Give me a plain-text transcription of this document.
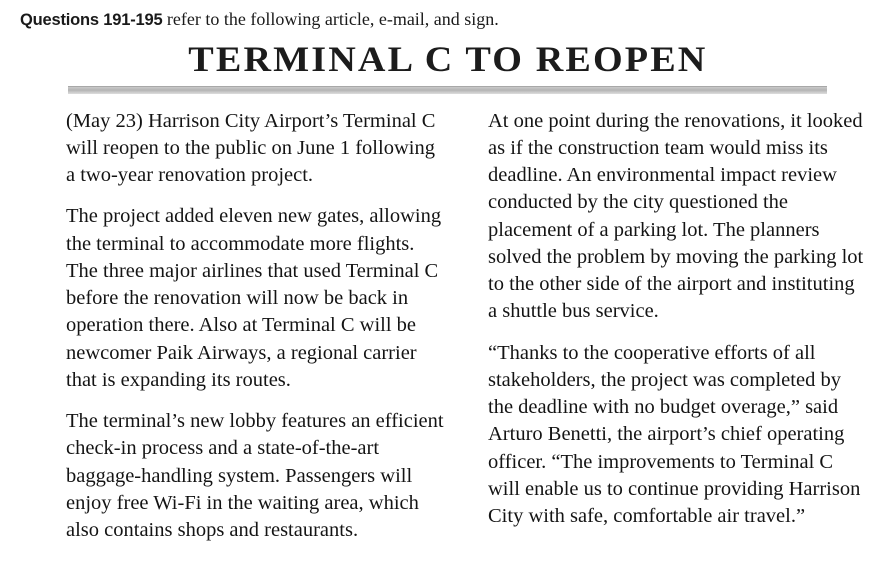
Questions 191-195 refer to the following article, e-mail, and sign.
TERMINAL C TO REOPEN

(May 23) Harrison City Airport’s Terminal C will reopen to the public on June 1 following a two-year renovation project.

The project added eleven new gates, allowing the terminal to accommodate more flights. The three major airlines that used Terminal C before the renovation will now be back in operation there. Also at Terminal C will be newcomer Paik Airways, a regional carrier that is expanding its routes.

The terminal’s new lobby features an efficient check-in process and a state-of-the-art baggage-handling system. Passengers will enjoy free Wi-Fi in the waiting area, which also contains shops and restaurants.

At one point during the renovations, it looked as if the construction team would miss its deadline. An environmental impact review conducted by the city questioned the placement of a parking lot. The planners solved the problem by moving the parking lot to the other side of the airport and instituting a shuttle bus service.

“Thanks to the cooperative efforts of all stakeholders, the project was completed by the deadline with no budget overage,” said Arturo Benetti, the airport’s chief operating officer. “The improvements to Terminal C will enable us to continue providing Harrison City with safe, comfortable air travel.”
